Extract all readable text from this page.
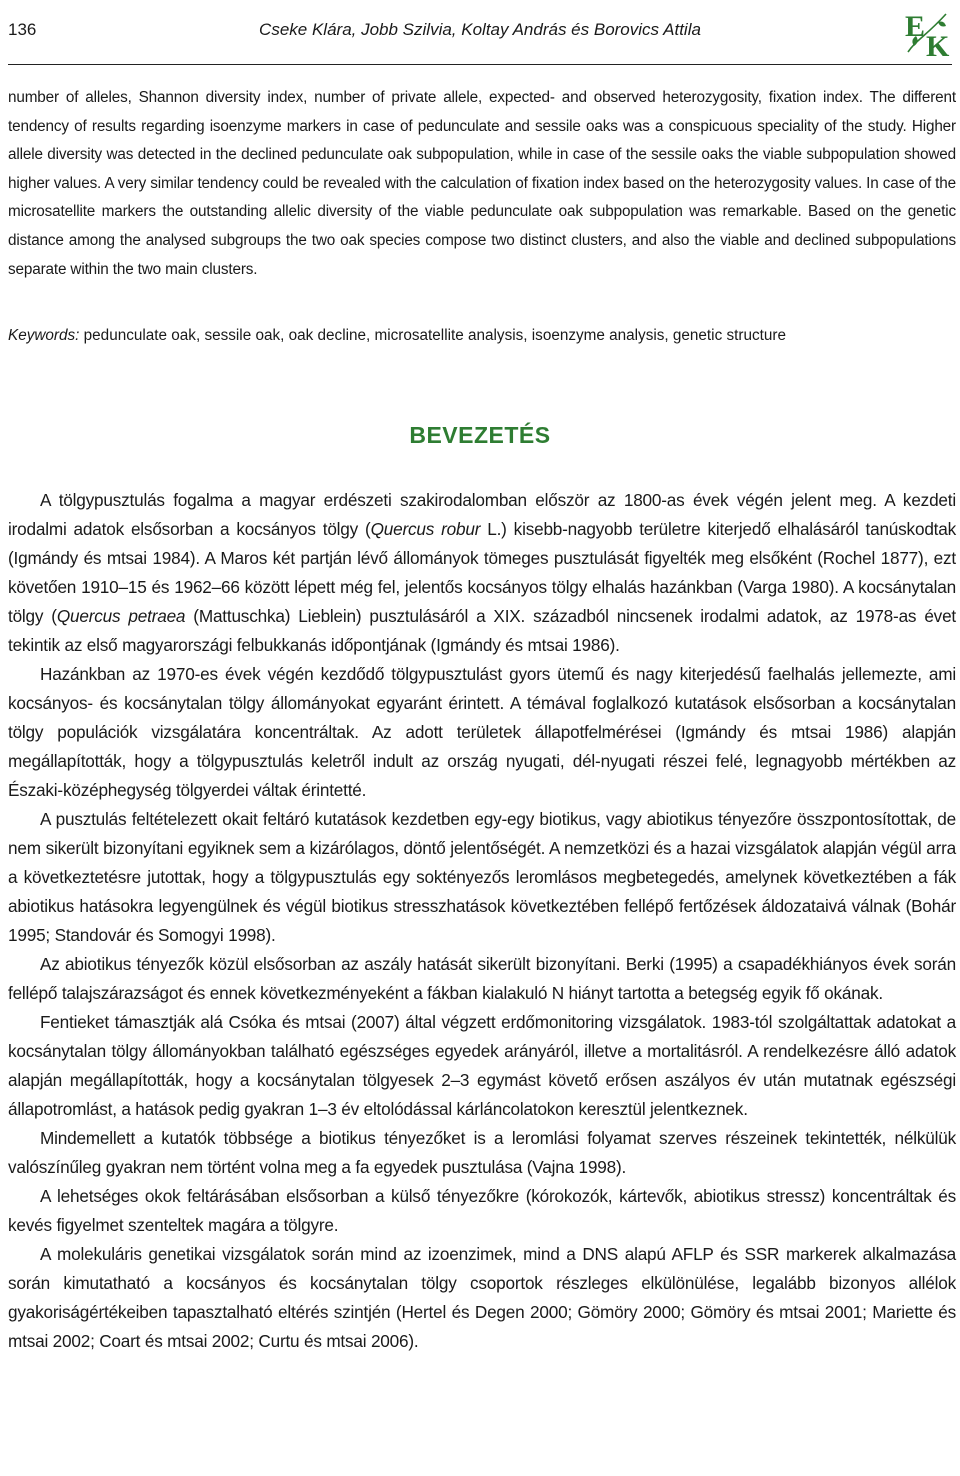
136	Cseke Klára, Jobb Szilvia, Koltay András és Borovics Attila	E
K

number of alleles, Shannon diversity index, number of private allele, expected- and observed heterozygosity, fixation index. The different tendency of results regarding isoenzyme markers in case of pedunculate and sessile oaks was a conspicuous speciality of the study. Higher allele diversity was detected in the declined pedunculate oak subpopulation, while in case of the sessile oaks the viable subpopulation showed higher values. A very similar tendency could be revealed with the calculation of fixation index based on the heterozygosity values. In case of the microsatellite markers the outstanding allelic diversity of the viable pedunculate oak subpopulation was remarkable. Based on the genetic distance among the analysed subgroups the two oak species compose two distinct clusters, and also the viable and declined subpopulations separate within the two main clusters.

Keywords: pedunculate oak, sessile oak, oak decline, microsatellite analysis, isoenzyme analysis, genetic structure
BEVEZETÉS

A tölgypusztulás fogalma a magyar erdészeti szakirodalomban először az 1800-as évek végén jelent meg. A kezdeti irodalmi adatok elsősorban a kocsányos tölgy (Quercus robur L.) kisebb-nagyobb területre kiterjedő elhalásáról tanúskodtak (Igmándy és mtsai 1984). A Maros két partján lévő állományok tömeges pusztulását figyelték meg elsőként (Rochel 1877), ezt követően 1910–15 és 1962–66 között lépett még fel, jelentős kocsányos tölgy elhalás hazánkban (Varga 1980). A kocsánytalan tölgy (Quercus petraea (Mattuschka) Lieblein) pusztulásáról a XIX. századból nincsenek irodalmi adatok, az 1978-as évet tekintik az első magyarországi felbukkanás időpontjának (Igmándy és mtsai 1986).

Hazánkban az 1970-es évek végén kezdődő tölgypusztulást gyors ütemű és nagy kiterjedésű faelhalás jellemezte, ami kocsányos- és kocsánytalan tölgy állományokat egyaránt érintett. A témával foglalkozó kutatások elsősorban a kocsánytalan tölgy populációk vizsgálatára koncentráltak. Az adott területek állapotfelmérései (Igmándy és mtsai 1986) alapján megállapították, hogy a tölgypusztulás keletről indult az ország nyugati, dél-nyugati részei felé, legnagyobb mértékben az Északi-középhegység tölgyerdei váltak érintetté.

A pusztulás feltételezett okait feltáró kutatások kezdetben egy-egy biotikus, vagy abiotikus tényezőre összpontosítottak, de nem sikerült bizonyítani egyiknek sem a kizárólagos, döntő jelentőségét. A nemzetközi és a hazai vizsgálatok alapján végül arra a következtetésre jutottak, hogy a tölgypusztulás egy soktényezős leromlásos megbetegedés, amelynek következtében a fák abiotikus hatásokra legyengülnek és végül biotikus stresszhatások következtében fellépő fertőzések áldozataivá válnak (Bohár 1995; Standovár és Somogyi 1998).

Az abiotikus tényezők közül elsősorban az aszály hatását sikerült bizonyítani. Berki (1995) a csapadékhiányos évek során fellépő talajszárazságot és ennek következményeként a fákban kialakuló N hiányt tartotta a betegség egyik fő okának.

Fentieket támasztják alá Csóka és mtsai (2007) által végzett erdőmonitoring vizsgálatok. 1983-tól szolgáltattak adatokat a kocsánytalan tölgy állományokban található egészséges egyedek arányáról, illetve a mortalitásról. A rendelkezésre álló adatok alapján megállapították, hogy a kocsánytalan tölgyesek 2–3 egymást követő erősen aszályos év után mutatnak egészségi állapotromlást, a hatások pedig gyakran 1–3 év eltolódással kárláncolatokon keresztül jelentkeznek.

Mindemellett a kutatók többsége a biotikus tényezőket is a leromlási folyamat szerves részeinek tekintették, nélkülük valószínűleg gyakran nem történt volna meg a fa egyedek pusztulása (Vajna 1998).

A lehetséges okok feltárásában elsősorban a külső tényezőkre (kórokozók, kártevők, abiotikus stressz) koncentráltak és kevés figyelmet szenteltek magára a tölgyre.

A molekuláris genetikai vizsgálatok során mind az izoenzimek, mind a DNS alapú AFLP és SSR markerek alkalmazása során kimutatható a kocsányos és kocsánytalan tölgy csoportok részleges elkülönülése, legalább bizonyos allélok gyakoriságértékeiben tapasztalható eltérés szintjén (Hertel és Degen 2000; Gömöry 2000; Gömöry és mtsai 2001; Mariette és mtsai 2002; Coart és mtsai 2002; Curtu és mtsai 2006).
